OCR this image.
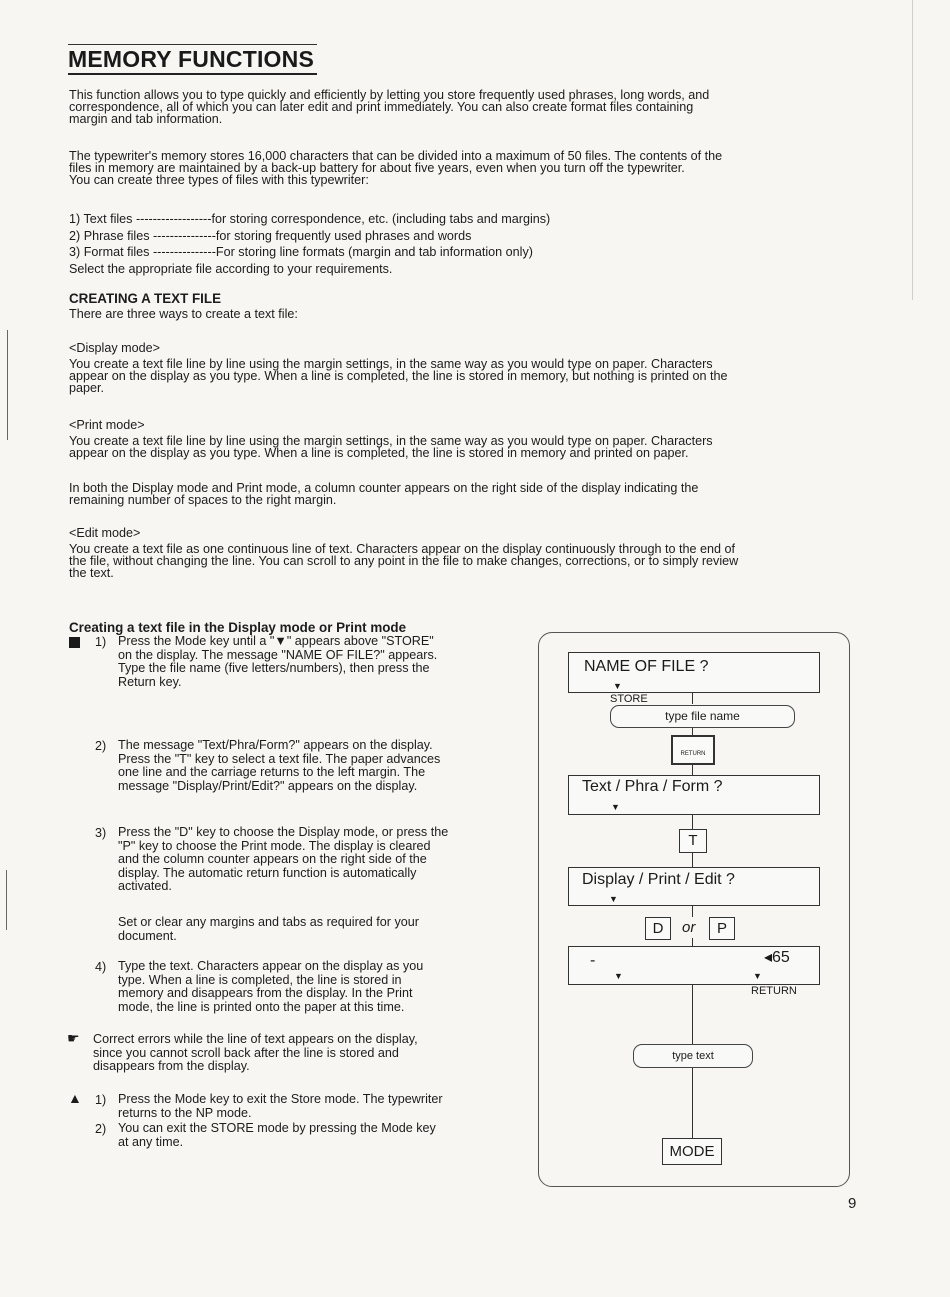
MEMORY FUNCTIONS
This function allows you to type quickly and efficiently by letting you store frequently used phrases, long words, and
correspondence, all of which you can later edit and print immediately. You can also create format files containing
margin and tab information.
The typewriter's memory stores 16,000 characters that can be divided into a maximum of 50 files. The contents of the
files in memory are maintained by a back-up battery for about five years, even when you turn off the typewriter.
You can create three types of files with this typewriter:
1) Text files ------------------for storing correspondence, etc. (including tabs and margins)
2) Phrase files ---------------for storing frequently used phrases and words
3) Format files ---------------For storing line formats (margin and tab information only)
Select the appropriate file according to your requirements.
CREATING A TEXT FILE
There are three ways to create a text file:
<Display mode>
You create a text file line by line using the margin settings, in the same way as you would type on paper. Characters
appear on the display as you type. When a line is completed, the line is stored in memory, but nothing is printed on the
paper.
<Print mode>
You create a text file line by line using the margin settings, in the same way as you would type on paper. Characters
appear on the display as you type. When a line is completed, the line is stored in memory and printed on paper.
In both the Display mode and Print mode, a column counter appears on the right side of the display indicating the
remaining number of spaces to the right margin.
<Edit mode>
You create a text file as one continuous line of text. Characters appear on the display continuously through to the end of
the file, without changing the line. You can scroll to any point in the file to make changes, corrections, or to simply review
the text.
Creating a text file in the Display mode or Print mode
1) Press the Mode key until a "▼" appears above "STORE"
on the display. The message "NAME OF FILE?" appears.
Type the file name (five letters/numbers), then press the
Return key.
2) The message "Text/Phra/Form?" appears on the display.
Press the "T" key to select a text file. The paper advances
one line and the carriage returns to the left margin. The
message "Display/Print/Edit?" appears on the display.
3) Press the "D" key to choose the Display mode, or press the
"P" key to choose the Print mode. The display is cleared
and the column counter appears on the right side of the
display. The automatic return function is automatically
activated.
Set or clear any margins and tabs as required for your
document.
4) Type the text. Characters appear on the display as you
type. When a line is completed, the line is stored in
memory and disappears from the display. In the Print
mode, the line is printed onto the paper at this time.
☛ Correct errors while the line of text appears on the display,
since you cannot scroll back after the line is stored and
disappears from the display.
▲ 1) Press the Mode key to exit the Store mode. The typewriter
returns to the NP mode.
2) You can exit the STORE mode by pressing the Mode key
at any time.
NAME OF FILE ?
▼
STORE
type file name
RETURN
Text / Phra / Form ?
▼
T
Display / Print / Edit ?
▼
D	or	P
-	◂65
▼	▼
RETURN
type text
MODE
9
